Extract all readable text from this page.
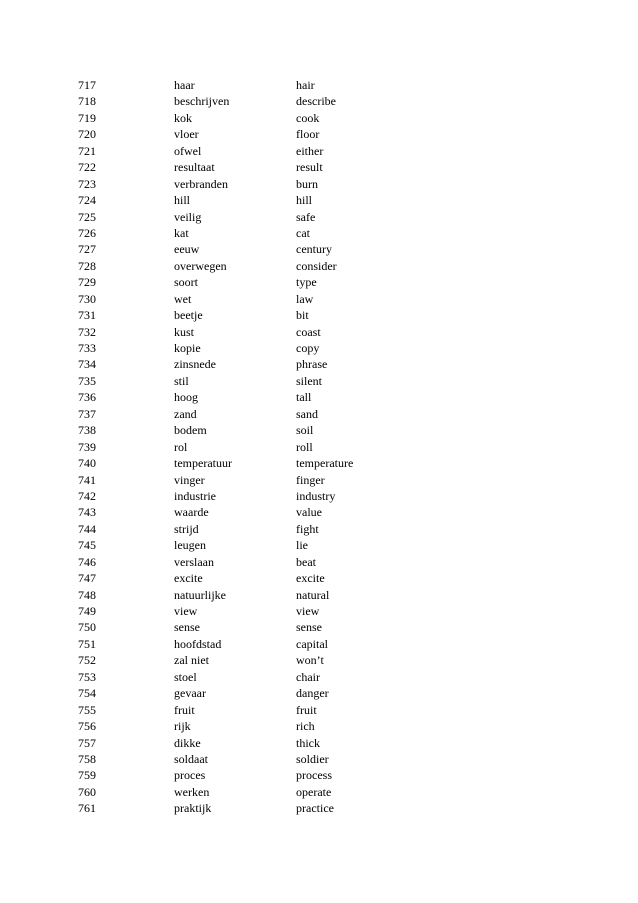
717	haar	hair
718	beschrijven	describe
719	kok	cook
720	vloer	floor
721	ofwel	either
722	resultaat	result
723	verbranden	burn
724	hill	hill
725	veilig	safe
726	kat	cat
727	eeuw	century
728	overwegen	consider
729	soort	type
730	wet	law
731	beetje	bit
732	kust	coast
733	kopie	copy
734	zinsnede	phrase
735	stil	silent
736	hoog	tall
737	zand	sand
738	bodem	soil
739	rol	roll
740	temperatuur	temperature
741	vinger	finger
742	industrie	industry
743	waarde	value
744	strijd	fight
745	leugen	lie
746	verslaan	beat
747	excite	excite
748	natuurlijke	natural
749	view	view
750	sense	sense
751	hoofdstad	capital
752	zal niet	won’t
753	stoel	chair
754	gevaar	danger
755	fruit	fruit
756	rijk	rich
757	dikke	thick
758	soldaat	soldier
759	proces	process
760	werken	operate
761	praktijk	practice
